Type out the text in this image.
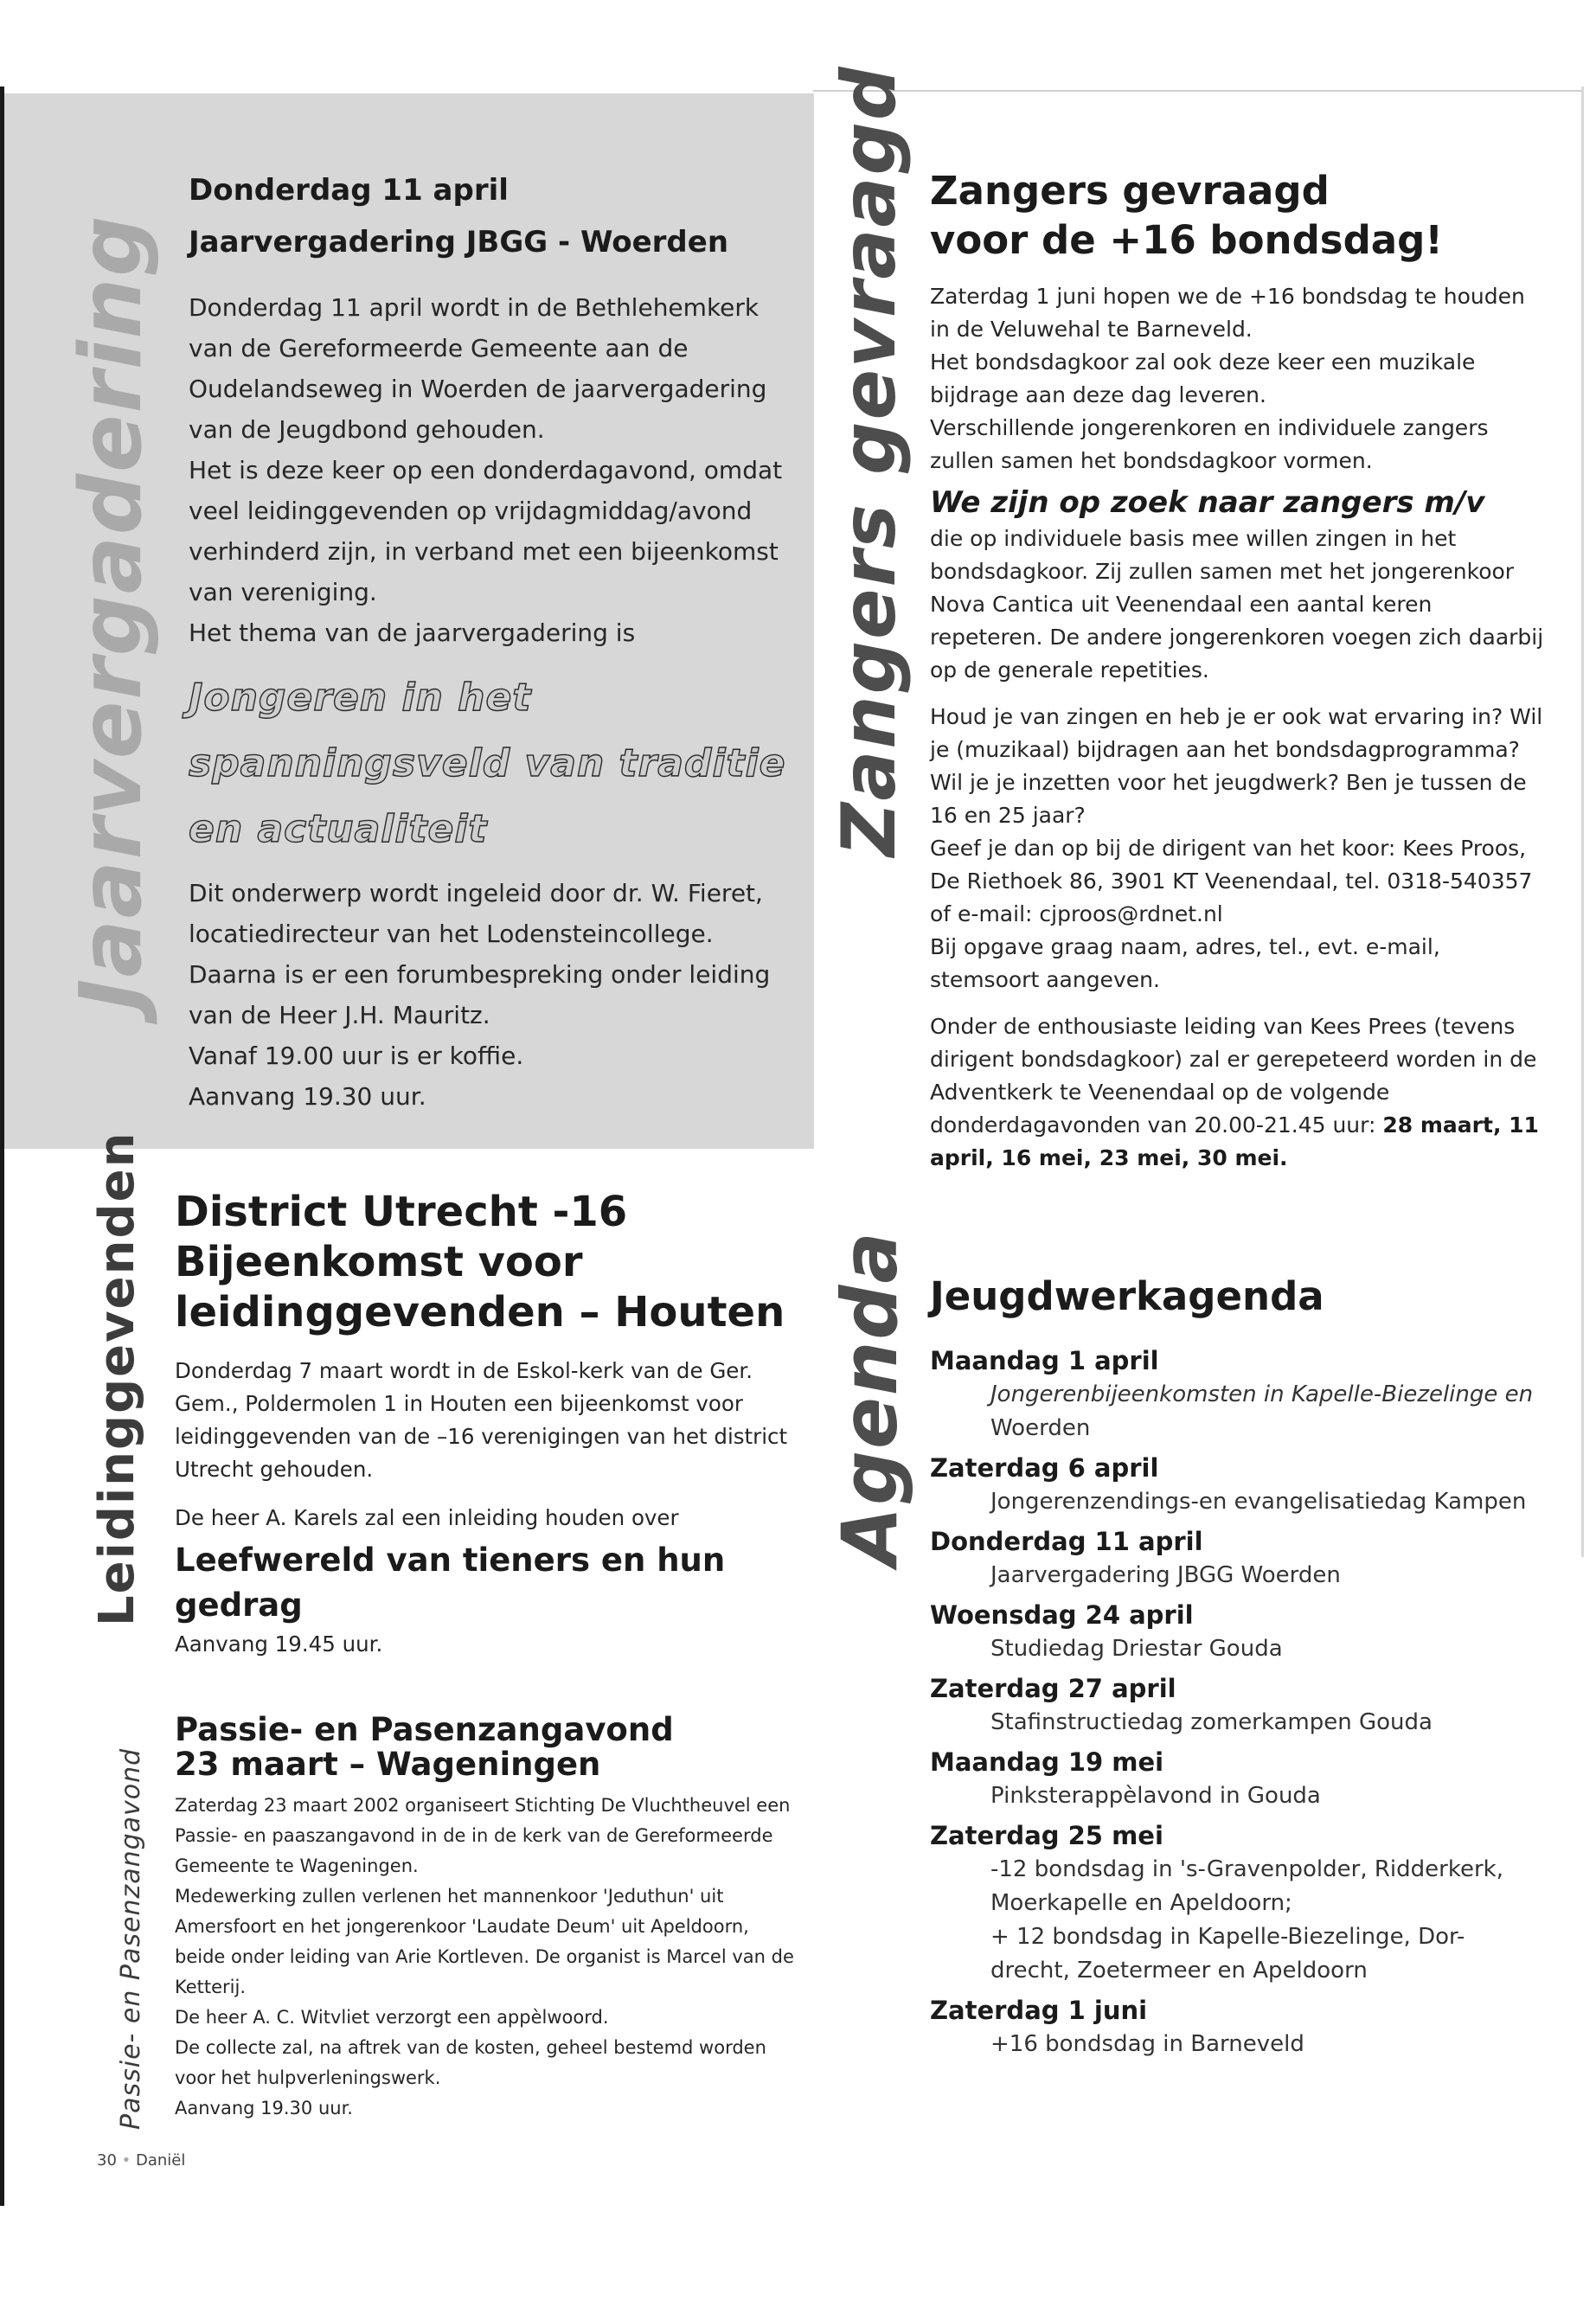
Jaarvergadering
Donderdag 11 april
Jaarvergadering JBGG - Woerden

Donderdag 11 april wordt in de Bethlehemkerk van de Gereformeerde Gemeente aan de Oudelandseweg in Woerden de jaarvergadering van de Jeugdbond gehouden.

Het is deze keer op een donderdagavond, omdat veel leidinggevenden op vrijdagmiddag/avond verhinderd zijn, in verband met een bijeenkomst van vereniging.

Het thema van de jaarvergadering is

Jongeren in het spanningsveld van traditie en actualiteit

Dit onderwerp wordt ingeleid door dr. W. Fieret, locatiedirecteur van het Lodensteincollege.

Daarna is er een forumbespreking onder leiding van de Heer J.H. Mauritz.

Vanaf 19.00 uur is er koffie.

Aanvang 19.30 uur.

Leidinggevenden District Utrecht -16
Bijeenkomst voor
leidinggevenden – Houten

Donderdag 7 maart wordt in de Eskol-kerk van de Ger. Gem., Poldermolen 1 in Houten een bijeenkomst voor leidinggevenden van de –16 verenigingen van het district Utrecht gehouden.

De heer A. Karels zal een inleiding houden over

Leefwereld van tieners en hun gedrag

Aanvang 19.45 uur.

Passie- en Pasenzangavond
Passie- en Pasenzangavond
23 maart – Wageningen

Zaterdag 23 maart 2002 organiseert Stichting De Vluchtheuvel een Passie- en paaszangavond in de in de kerk van de Gereformeerde Gemeente te Wageningen.

Medewerking zullen verlenen het mannenkoor 'Jeduthun' uit Amersfoort en het jongerenkoor 'Laudate Deum' uit Apeldoorn, beide onder leiding van Arie Kortleven. De organist is Marcel van de Ketterij.

De heer A. C. Witvliet verzorgt een appèlwoord.

De collecte zal, na aftrek van de kosten, geheel bestemd worden voor het hulpverleningswerk.

Aanvang 19.30 uur.

Zangers gevraagd Zangers gevraagd
voor de +16 bondsdag!

Zaterdag 1 juni hopen we de +16 bondsdag te houden in de Veluwehal te Barneveld.

Het bondsdagkoor zal ook deze keer een muzikale bijdrage aan deze dag leveren.

Verschillende jongerenkoren en individuele zangers zullen samen het bondsdagkoor vormen.

We zijn op zoek naar zangers m/v

die op individuele basis mee willen zingen in het bondsdagkoor. Zij zullen samen met het jongerenkoor Nova Cantica uit Veenendaal een aantal keren repeteren. De andere jongerenkoren voegen zich daarbij op de generale repetities.

Houd je van zingen en heb je er ook wat ervaring in? Wil je (muzikaal) bijdragen aan het bondsdagprogramma? Wil je je inzetten voor het jeugdwerk? Ben je tussen de 16 en 25 jaar?

Geef je dan op bij de dirigent van het koor: Kees Proos, De Riethoek 86, 3901 KT Veenendaal, tel. 0318-540357 of e-mail: cjproos@rdnet.nl

Bij opgave graag naam, adres, tel., evt. e-mail, stemsoort aangeven.

Onder de enthousiaste leiding van Kees Prees (tevens dirigent bondsdagkoor) zal er gerepeteerd worden in de Adventkerk te Veenendaal op de volgende donderdagavonden van 20.00-21.45 uur: 28 maart, 11 april, 16 mei, 23 mei, 30 mei.

Agenda Jeugdwerkagenda
Maandag 1 april
Jongerenbijeenkomsten in Kapelle-Biezelinge en
Woerden
Zaterdag 6 april
Jongerenzendings-en evangelisatiedag Kampen
Donderdag 11 april
Jaarvergadering JBGG Woerden
Woensdag 24 april
Studiedag Driestar Gouda
Zaterdag 27 april
Stafinstructiedag zomerkampen Gouda
Maandag 19 mei
Pinksterappèlavond in Gouda
Zaterdag 25 mei
-12 bondsdag in 's-Gravenpolder, Ridderkerk,
Moerkapelle en Apeldoorn;
+ 12 bondsdag in Kapelle-Biezelinge, Dor-
drecht, Zoetermeer en Apeldoorn
Zaterdag 1 juni
+16 bondsdag in Barneveld
30 • Daniël
